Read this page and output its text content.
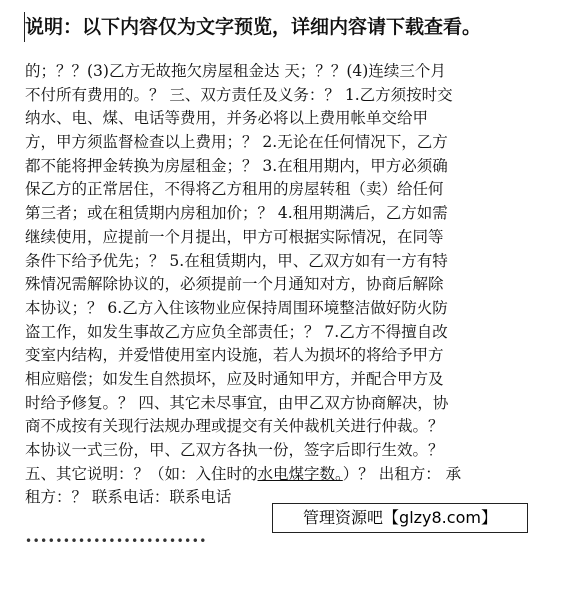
说明：以下内容仅为文字预览，详细内容请下载查看。
的；？？(3)乙方无故拖欠房屋租金达 天；？？(4)连续三个月
不付所有费用的。？ 三、双方责任及义务：？ 1.乙方须按时交
纳水、电、煤、电话等费用，并务必将以上费用帐单交给甲
方，甲方须监督检查以上费用；？ 2.无论在任何情况下，乙方
都不能将押金转换为房屋租金；？ 3.在租用期内，甲方必须确
保乙方的正常居住，不得将乙方租用的房屋转租（卖）给任何
第三者；或在租赁期内房租加价；？ 4.租用期满后，乙方如需
继续使用，应提前一个月提出，甲方可根据实际情况，在同等
条件下给予优先；？ 5.在租赁期内，甲、乙双方如有一方有特
殊情况需解除协议的，必须提前一个月通知对方，协商后解除
本协议；？ 6.乙方入住该物业应保持周围环境整洁做好防火防
盗工作，如发生事故乙方应负全部责任；？ 7.乙方不得擅自改
变室内结构，并爱惜使用室内设施，若人为损坏的将给予甲方
相应赔偿；如发生自然损坏，应及时通知甲方，并配合甲方及
时给予修复。？ 四、其它未尽事宜，由甲乙双方协商解决，协
商不成按有关现行法规办理或提交有关仲裁机关进行仲裁。？
本协议一式三份，甲、乙双方各执一份，签字后即行生效。？
五、其它说明：？（如：入住时的水电煤字数。）？ 出租方： 承
租方：？ 联系电话：联系电话
管理资源吧【glzy8.com】
••••••••••••••••••••••••
